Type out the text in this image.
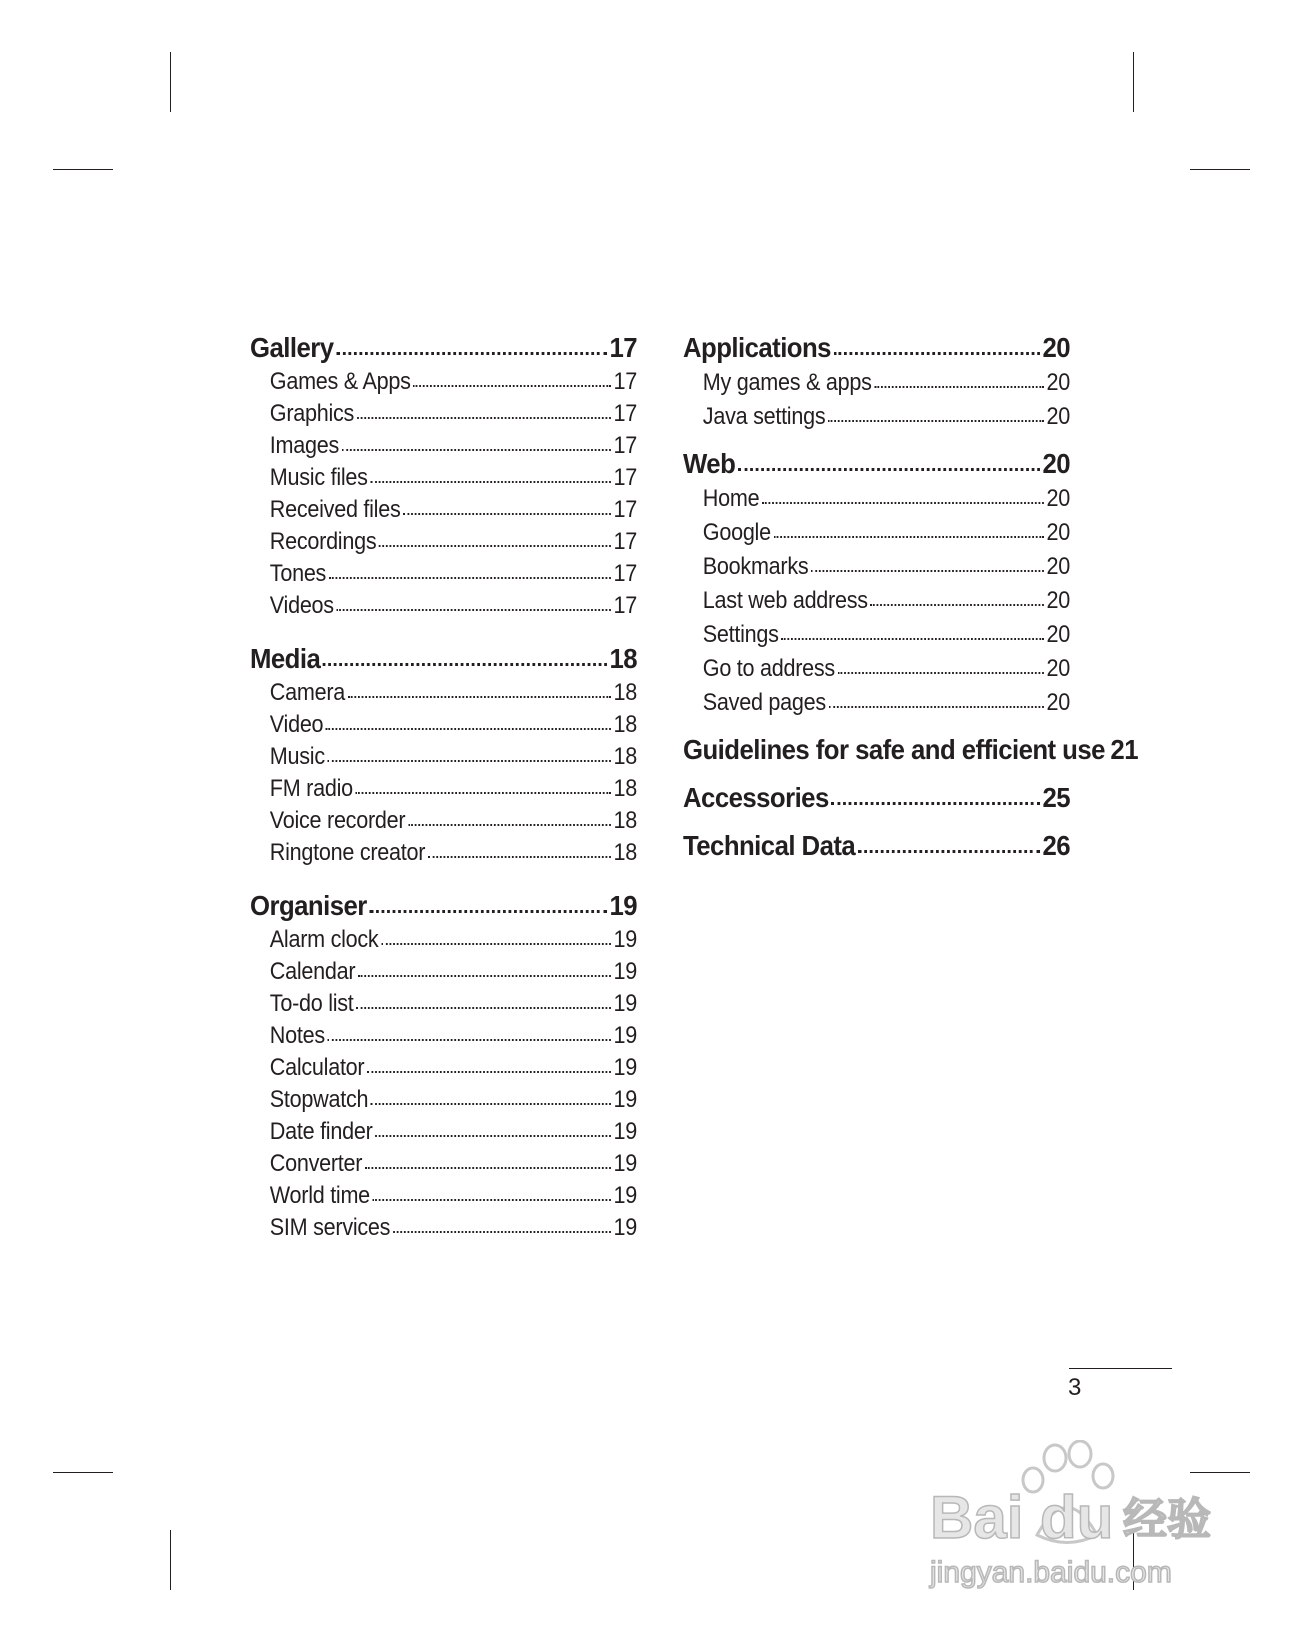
Gallery	17
Games & Apps	17
Graphics	17
Images	17
Music files	17
Received files	17
Recordings	17
Tones	17
Videos	17
Media	18
Camera	18
Video	18
Music	18
FM radio	18
Voice recorder	18
Ringtone creator	18
Organiser	19
Alarm clock	19
Calendar	19
To-do list	19
Notes	19
Calculator	19
Stopwatch	19
Date finder	19
Converter	19
World time	19
SIM services	19
Applications	20
My games & apps	20
Java settings	20
Web	20
Home	20
Google	20
Bookmarks	20
Last web address	20
Settings	20
Go to address	20
Saved pages	20
Guidelines for safe and efficient use 21
Accessories	25
Technical Data	26
3
Bai du 经验
jingyan.baidu.com
